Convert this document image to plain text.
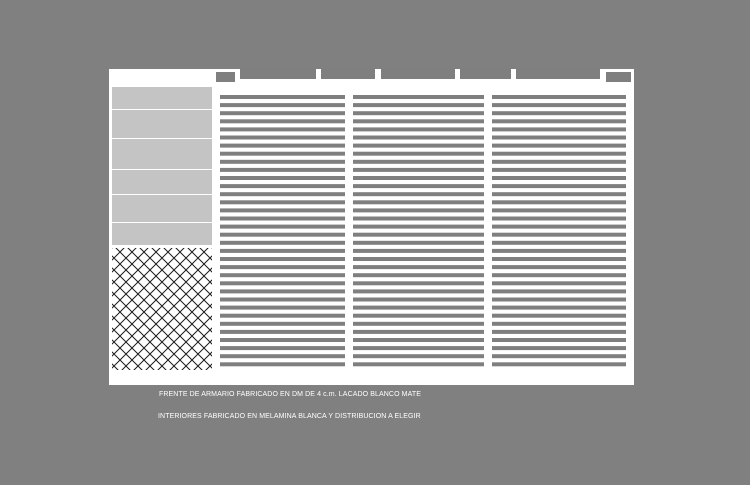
FRENTE DE ARMARIO FABRICADO EN DM DE 4 c.m. LACADO BLANCO MATE
INTERIORES FABRICADO EN MELAMINA BLANCA Y DISTRIBUCION A ELEGIR
